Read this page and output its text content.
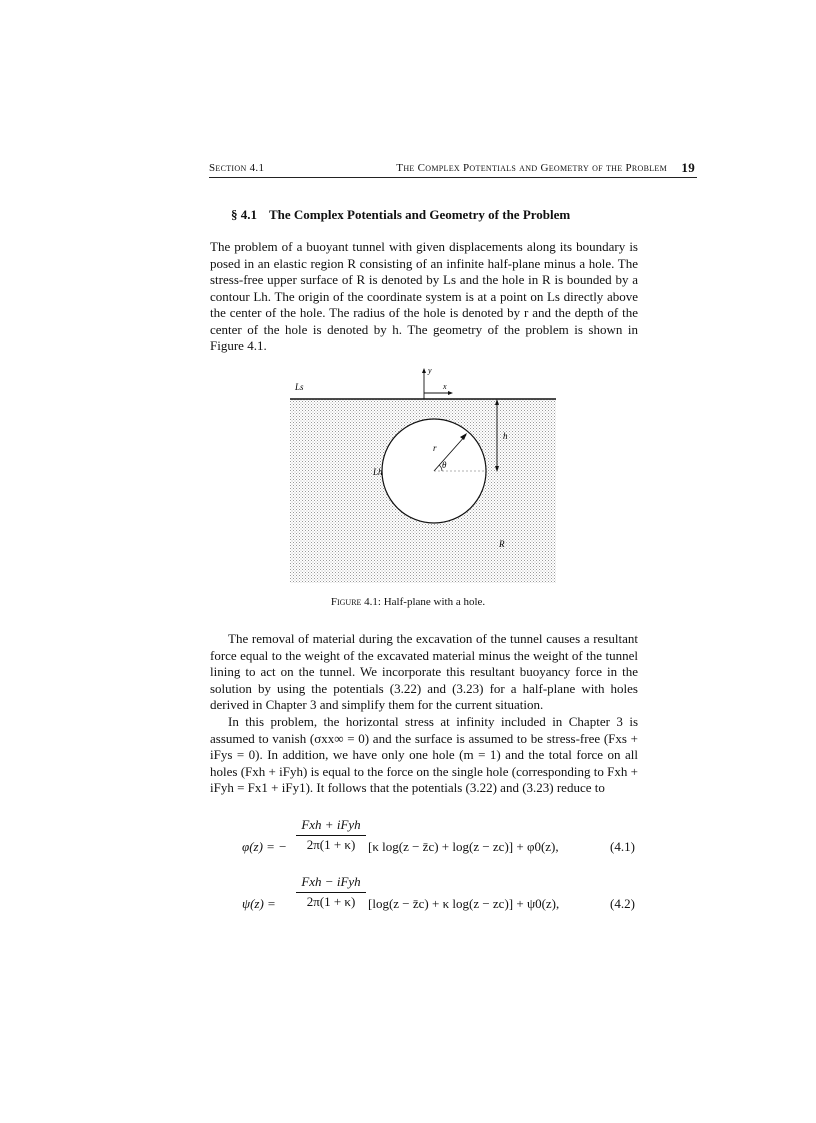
Section 4.1	The Complex Potentials and Geometry of the Problem 19
§ 4.1 The Complex Potentials and Geometry of the Problem

The problem of a buoyant tunnel with given displacements along its boundary is posed in an elastic region R consisting of an infinite half-plane minus a hole. The stress-free upper surface of R is denoted by Ls and the hole in R is bounded by a contour Lh. The origin of the coordinate system is at a point on Ls directly above the center of the hole. The radius of the hole is denoted by r and the depth of the center of the hole is denoted by h. The geometry of the problem is shown in Figure 4.1.

Ls
y
x
r
θ
h
Lh
R
Figure 4.1: Half-plane with a hole.

The removal of material during the excavation of the tunnel causes a resultant force equal to the weight of the excavated material minus the weight of the tunnel lining to act on the tunnel. We incorporate this resultant buoyancy force in the solution by using the potentials (3.22) and (3.23) for a half-plane with holes derived in Chapter 3 and simplify them for the current situation.

In this problem, the horizontal stress at infinity included in Chapter 3 is assumed to vanish (σxx∞ = 0) and the surface is assumed to be stress-free (Fxs + iFys = 0). In addition, we have only one hole (m = 1) and the total force on all holes (Fxh + iFyh) is equal to the force on the single hole (corresponding to Fxh + iFyh = Fx1 + iFy1). It follows that the potentials (3.22) and (3.23) reduce to

φ(z) = −
Fxh + iFyh
2π(1 + κ) [κ log(z − z̄c) + log(z − zc)] + φ0(z),	(4.1)
ψ(z) =
Fxh − iFyh
2π(1 + κ) [log(z − z̄c) + κ log(z − zc)] + ψ0(z),	(4.2)
